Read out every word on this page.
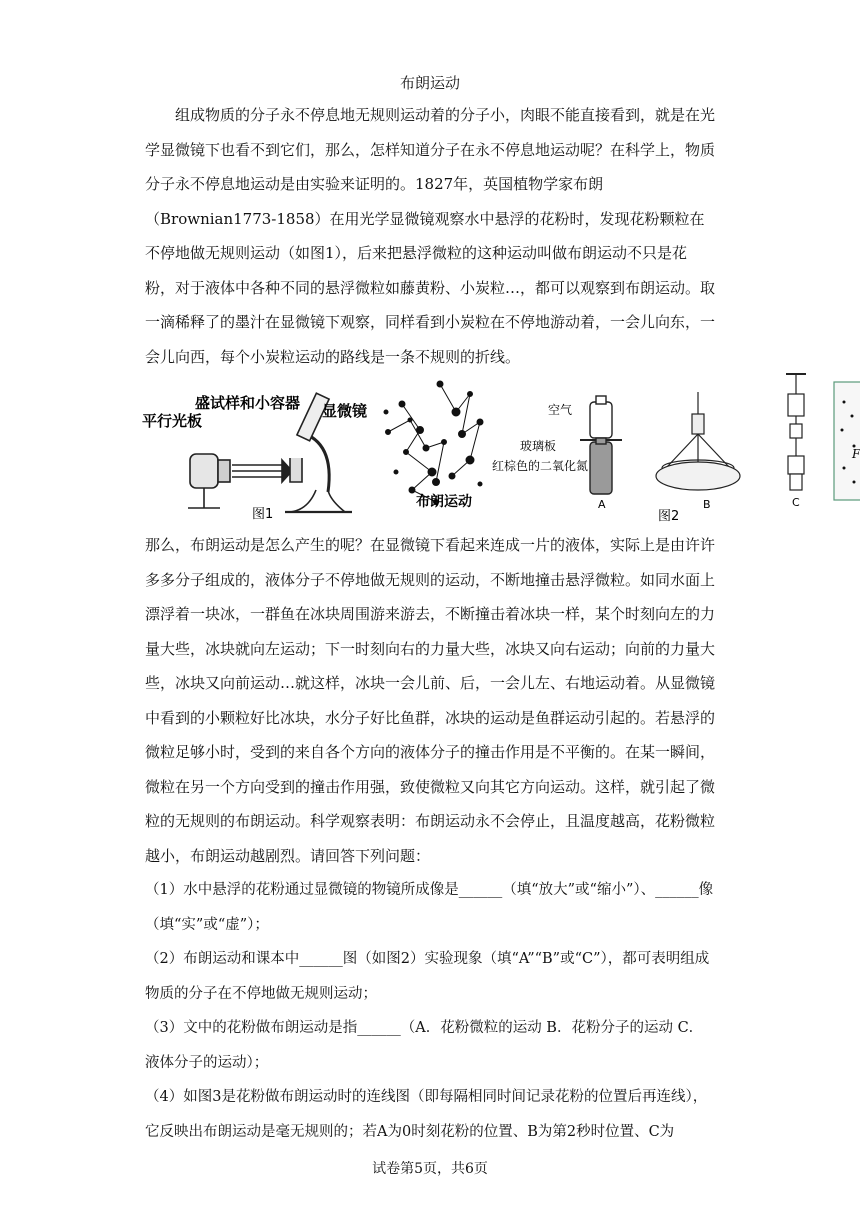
布朗运动

组成物质的分子永不停息地无规则运动着的分子小，肉眼不能直接看到，就是在光学显微镜下也看不到它们，那么，怎样知道分子在永不停息地运动呢？在科学上，物质分子永不停息地运动是由实验来证明的。1827年，英国植物学家布朗（Brownian1773-1858）在用光学显微镜观察水中悬浮的花粉时，发现花粉颗粒在不停地做无规则运动（如图1），后来把悬浮微粒的这种运动叫做布朗运动不只是花粉，对于液体中各种不同的悬浮微粒如藤黄粉、小炭粒…，都可以观察到布朗运动。取一滴稀释了的墨汁在显微镜下观察，同样看到小炭粒在不停地游动着，一会儿向东，一会儿向西，每个小炭粒运动的路线是一条不规则的折线。

平行光板
盛试样和小容器 显微镜
图1
布朗运动
空气
玻璃板
红棕色的二氧化氮
A	B
图2
C
F

那么，布朗运动是怎么产生的呢？在显微镜下看起来连成一片的液体，实际上是由许许多多分子组成的，液体分子不停地做无规则的运动，不断地撞击悬浮微粒。如同水面上漂浮着一块冰，一群鱼在冰块周围游来游去，不断撞击着冰块一样，某个时刻向左的力量大些，冰块就向左运动；下一时刻向右的力量大些，冰块又向右运动；向前的力量大些，冰块又向前运动…就这样，冰块一会儿前、后，一会儿左、右地运动着。从显微镜中看到的小颗粒好比冰块，水分子好比鱼群，冰块的运动是鱼群运动引起的。若悬浮的微粒足够小时，受到的来自各个方向的液体分子的撞击作用是不平衡的。在某一瞬间，微粒在另一个方向受到的撞击作用强，致使微粒又向其它方向运动。这样，就引起了微粒的无规则的布朗运动。科学观察表明：布朗运动永不会停止，且温度越高，花粉微粒越小，布朗运动越剧烈。请回答下列问题：

（1）水中悬浮的花粉通过显微镜的物镜所成像是______（填“放大”或“缩小”）、______像（填“实”或“虚”）；

（2）布朗运动和课本中______图（如图2）实验现象（填“A”“B”或“C”），都可表明组成物质的分子在不停地做无规则运动；

（3）文中的花粉做布朗运动是指______（A．花粉微粒的运动 B．花粉分子的运动 C．液体分子的运动）；

（4）如图3是花粉做布朗运动时的连线图（即每隔相同时间记录花粉的位置后再连线），它反映出布朗运动是毫无规则的；若A为0时刻花粉的位置、B为第2秒时位置、C为

试卷第5页，共6页
